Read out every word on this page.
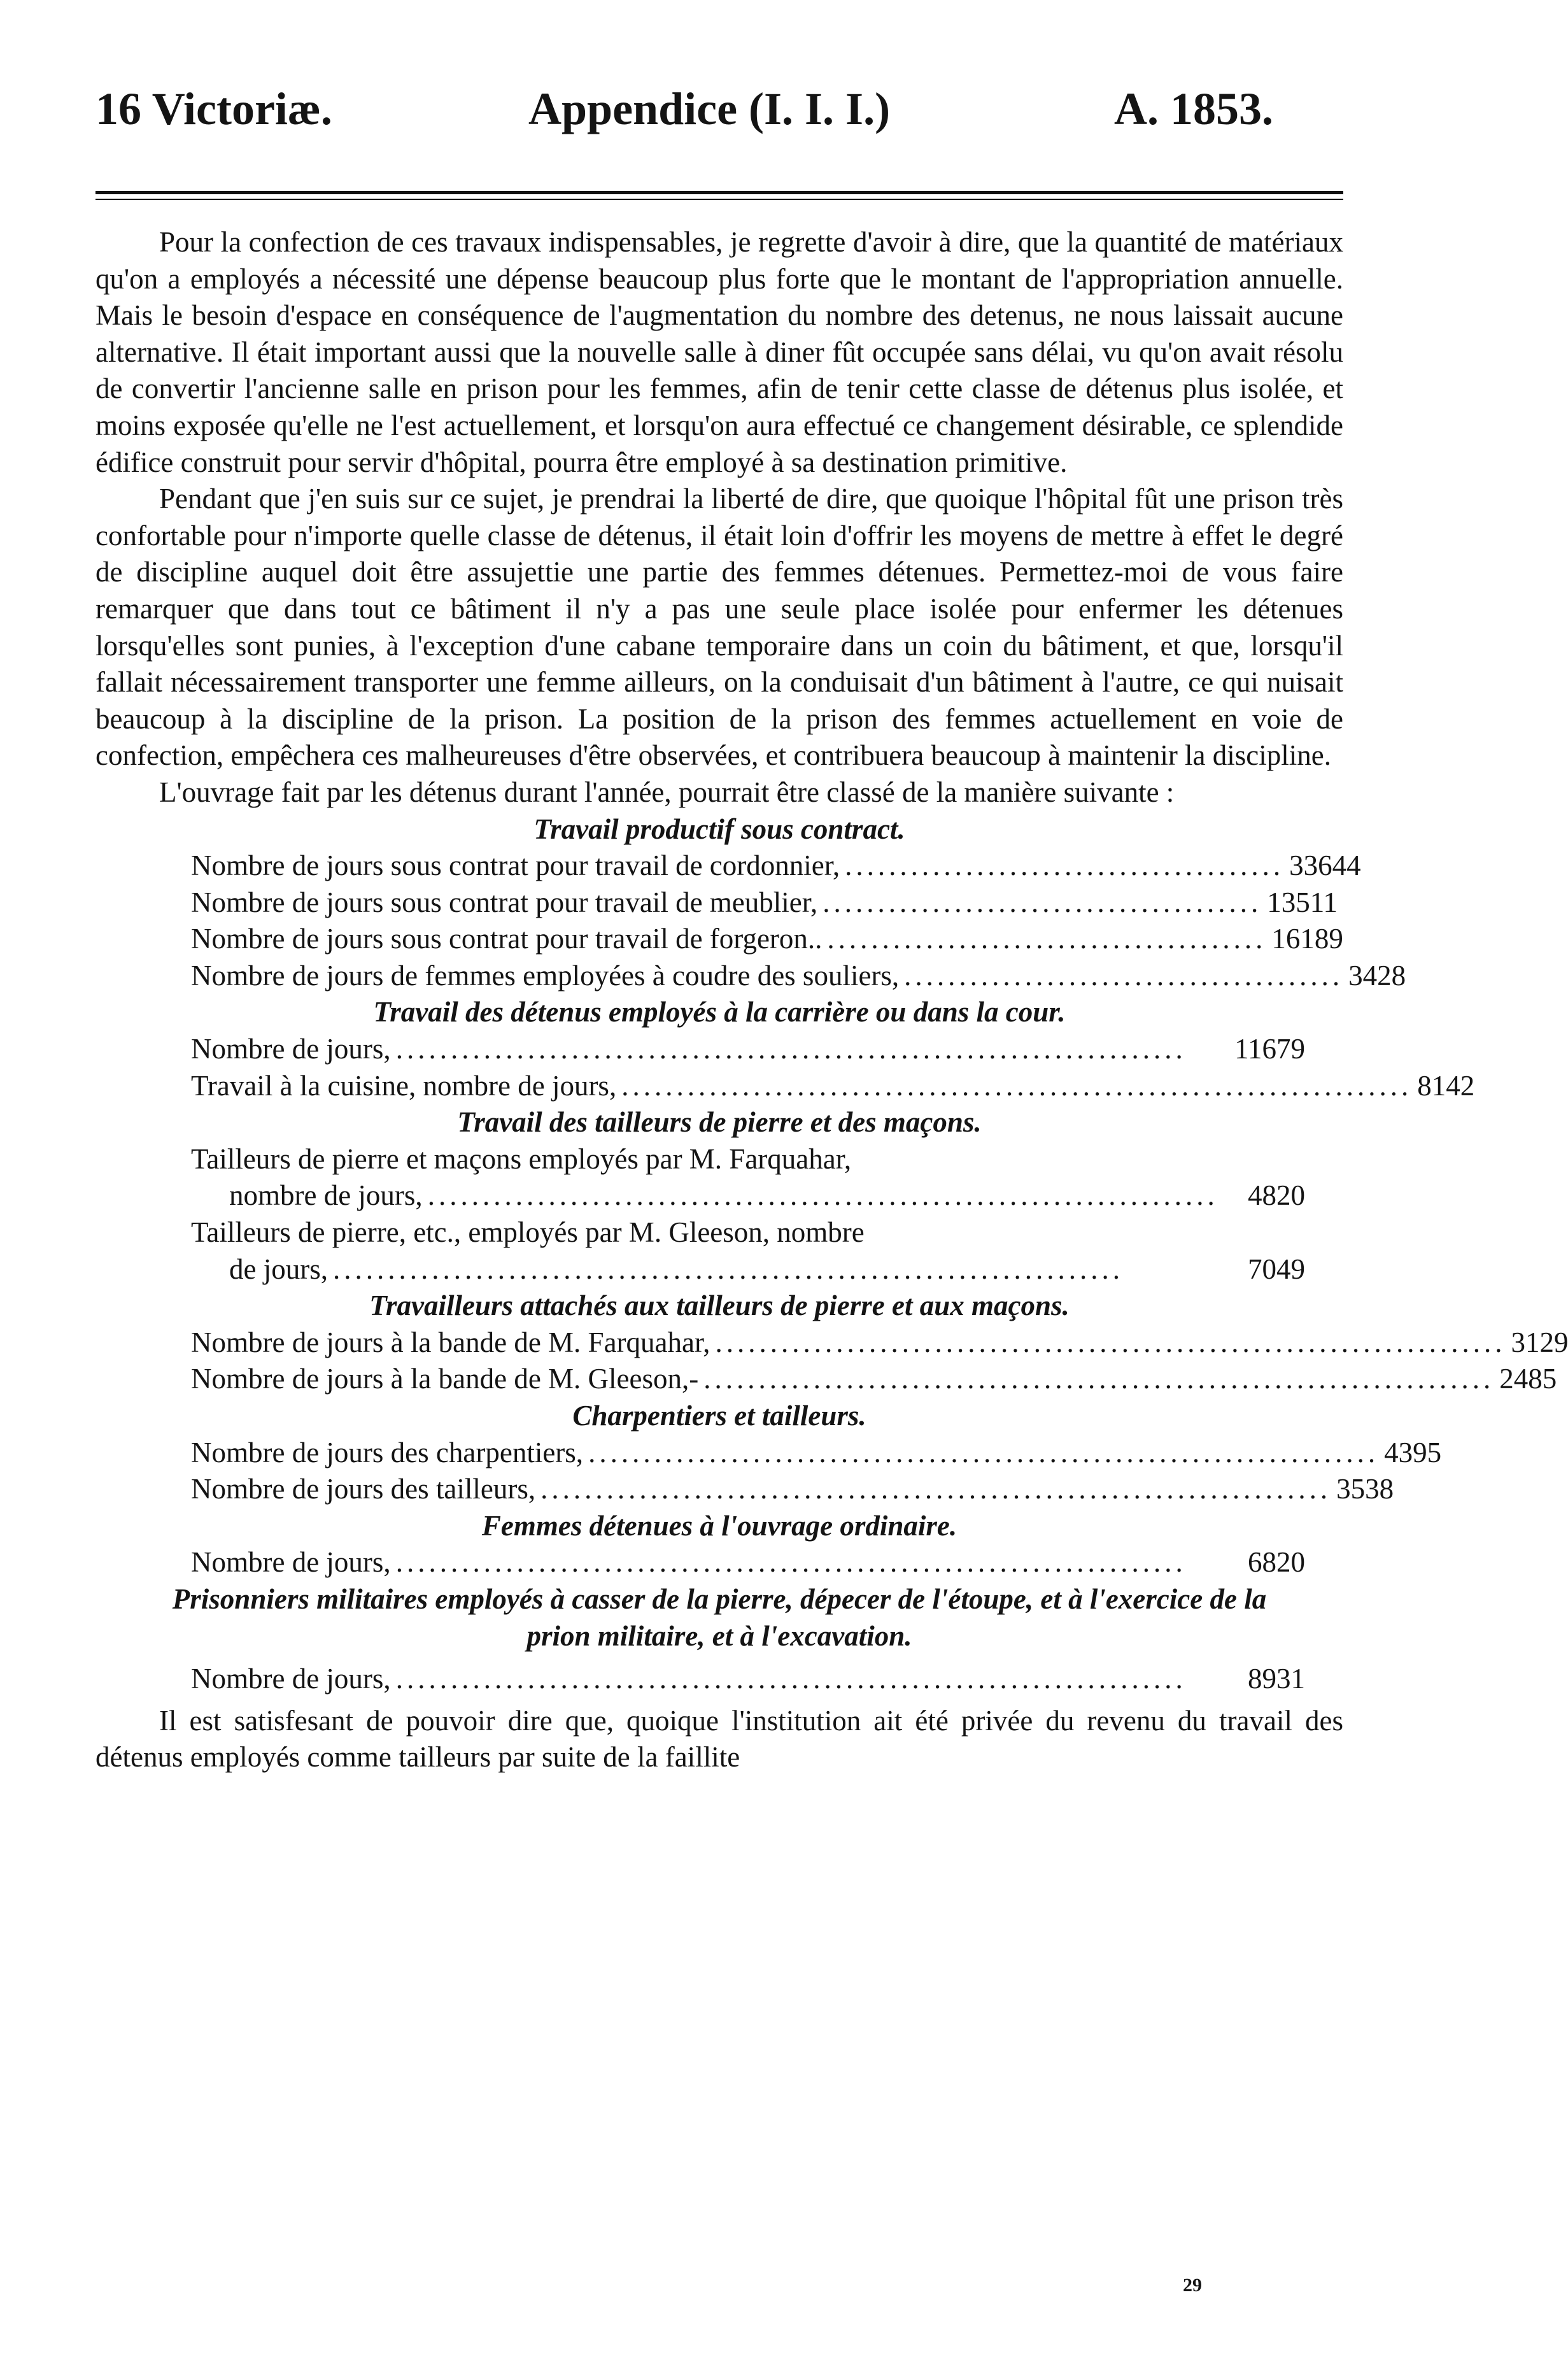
16 Victoriæ.	Appendice (I. I. I.)	A. 1853.

Pour la confection de ces travaux indispensables, je regrette d'avoir à dire, que la quantité de matériaux qu'on a employés a nécessité une dépense beaucoup plus forte que le montant de l'appropriation annuelle. Mais le besoin d'espace en conséquence de l'augmentation du nombre des detenus, ne nous laissait aucune alternative. Il était important aussi que la nouvelle salle à diner fût occupée sans délai, vu qu'on avait résolu de convertir l'ancienne salle en prison pour les femmes, afin de tenir cette classe de détenus plus isolée, et moins exposée qu'elle ne l'est actuellement, et lorsqu'on aura effectué ce changement désirable, ce splendide édifice construit pour servir d'hôpital, pourra être employé à sa destination primitive.

Pendant que j'en suis sur ce sujet, je prendrai la liberté de dire, que quoique l'hôpital fût une prison très confortable pour n'importe quelle classe de détenus, il était loin d'offrir les moyens de mettre à effet le degré de discipline auquel doit être assujettie une partie des femmes détenues. Permettez-moi de vous faire remarquer que dans tout ce bâtiment il n'y a pas une seule place isolée pour enfermer les détenues lorsqu'elles sont punies, à l'exception d'une cabane temporaire dans un coin du bâtiment, et que, lorsqu'il fallait nécessairement transporter une femme ailleurs, on la conduisait d'un bâtiment à l'autre, ce qui nuisait beaucoup à la discipline de la prison. La position de la prison des femmes actuellement en voie de confection, empêchera ces malheureuses d'être observées, et contribuera beaucoup à maintenir la discipline.

L'ouvrage fait par les détenus durant l'année, pourrait être classé de la manière suivante :

Travail productif sous contract.

Nombre de jours sous contrat pour travail de cordonnier, ........................................ 33644
Nombre de jours sous contrat pour travail de meublier, ........................................ 13511
Nombre de jours sous contrat pour travail de forgeron.. ........................................ 16189
Nombre de jours de femmes employées à coudre des souliers, ........................................ 3428

Travail des détenus employés à la carrière ou dans la cour.

Nombre de jours, ........................................................................	11679
Travail à la cuisine, nombre de jours, ........................................................................ 8142

Travail des tailleurs de pierre et des maçons.

Tailleurs de pierre et maçons employés par M. Farquahar,
nombre de jours, ........................................................................	4820
Tailleurs de pierre, etc., employés par M. Gleeson, nombre
de jours, ........................................................................	7049

Travailleurs attachés aux tailleurs de pierre et aux maçons.

Nombre de jours à la bande de M. Farquahar, ........................................................................ 3129
Nombre de jours à la bande de M. Gleeson,- ........................................................................ 2485

Charpentiers et tailleurs.

Nombre de jours des charpentiers, ........................................................................ 4395
Nombre de jours des tailleurs, ........................................................................ 3538

Femmes détenues à l'ouvrage ordinaire.

Nombre de jours, ........................................................................	6820

Prisonniers militaires employés à casser de la pierre, dépecer de l'étoupe, et à l'exercice de la prion militaire, et à l'excavation.

Nombre de jours, ........................................................................	8931

Il est satisfesant de pouvoir dire que, quoique l'institution ait été privée du revenu du travail des détenus employés comme tailleurs par suite de la faillite

29
